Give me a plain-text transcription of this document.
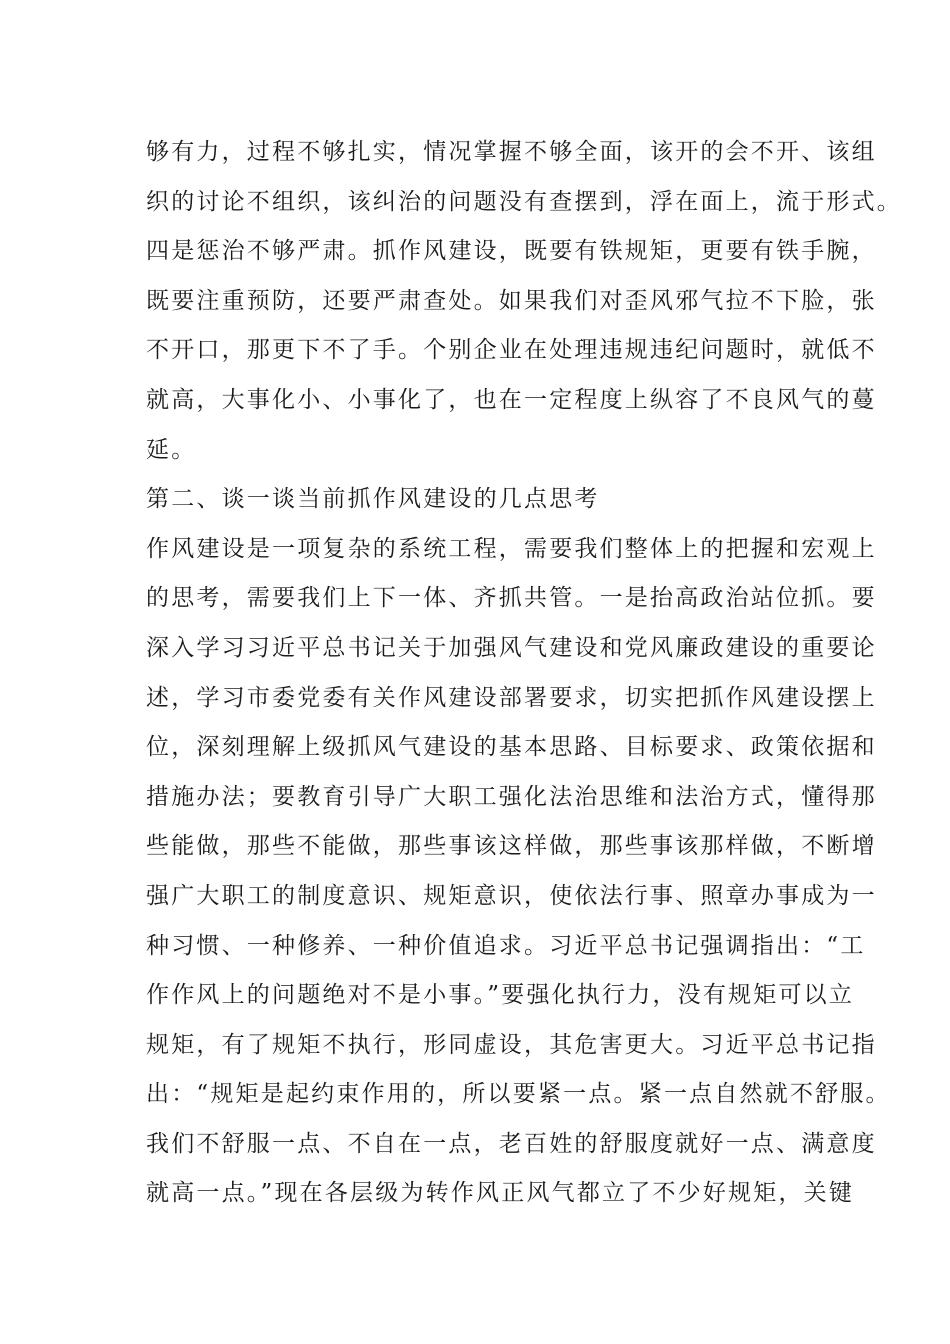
够有力，过程不够扎实，情况掌握不够全面，该开的会不开、该组
织的讨论不组织，该纠治的问题没有查摆到，浮在面上，流于形式。
四是惩治不够严肃。抓作风建设，既要有铁规矩，更要有铁手腕，
既要注重预防，还要严肃查处。如果我们对歪风邪气拉不下脸，张
不开口，那更下不了手。个别企业在处理违规违纪问题时，就低不
就高，大事化小、小事化了，也在一定程度上纵容了不良风气的蔓
延。
第二、谈一谈当前抓作风建设的几点思考
作风建设是一项复杂的系统工程，需要我们整体上的把握和宏观上
的思考，需要我们上下一体、齐抓共管。一是抬高政治站位抓。要
深入学习习近平总书记关于加强风气建设和党风廉政建设的重要论
述，学习市委党委有关作风建设部署要求，切实把抓作风建设摆上
位，深刻理解上级抓风气建设的基本思路、目标要求、政策依据和
措施办法；要教育引导广大职工强化法治思维和法治方式，懂得那
些能做，那些不能做，那些事该这样做，那些事该那样做，不断增
强广大职工的制度意识、规矩意识，使依法行事、照章办事成为一
种习惯、一种修养、一种价值追求。习近平总书记强调指出：“工
作作风上的问题绝对不是小事。”要强化执行力，没有规矩可以立
规矩，有了规矩不执行，形同虚设，其危害更大。习近平总书记指
出：“规矩是起约束作用的，所以要紧一点。紧一点自然就不舒服。
我们不舒服一点、不自在一点，老百姓的舒服度就好一点、满意度
就高一点。”现在各层级为转作风正风气都立了不少好规矩，关键
